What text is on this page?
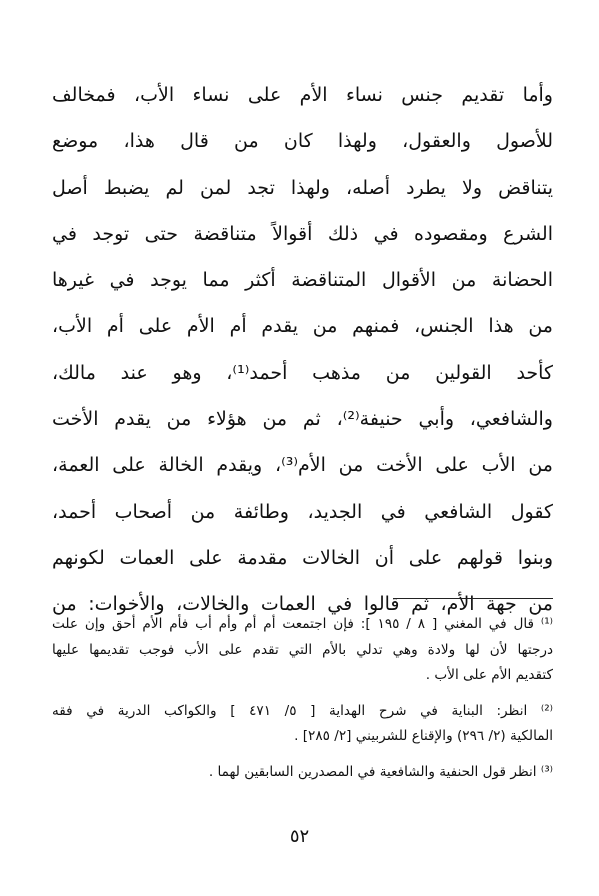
وأما تقديم جنس نساء الأم على نساء الأب، فمخالف
للأصول والعقول، ولهذا كان من قال هذا، موضع
يتناقض ولا يطرد أصله، ولهذا تجد لمن لم يضبط أصل
الشرع ومقصوده في ذلك أقوالاً متناقضة حتى توجد في
الحضانة من الأقوال المتناقضة أكثر مما يوجد في غيرها
من هذا الجنس، فمنهم من يقدم أم الأم على أم الأب،
كأحد القولين من مذهب أحمد⁽¹⁾، وهو عند مالك،
والشافعي، وأبي حنيفة⁽²⁾، ثم من هؤلاء من يقدم الأخت
من الأب على الأخت من الأم⁽³⁾، ويقدم الخالة على العمة،
كقول الشافعي في الجديد، وطائفة من أصحاب أحمد،
وبنوا قولهم على أن الخالات مقدمة على العمات لكونهم
من جهة الأم، ثم قالوا في العمات والخالات، والأخوات: من
⁽¹⁾ قال في المغني [ ٨ / ١٩٥ ]: فإن اجتمعت أم أم وأم أب فأم الأم أحق وإن علت
درجتها لأن لها ولادة وهي تدلي بالأم التي تقدم على الأب فوجب تقديمها عليها
كتقديم الأم على الأب .
⁽²⁾ انظر: البناية في شرح الهداية [ ٥/ ٤٧١ ] والكواكب الدرية في فقه
المالكية (٢/ ٢٩٦) والإقناع للشربيني [٢/ ٢٨٥] .
⁽³⁾ انظر قول الحنفية والشافعية في المصدرين السابقين لهما .
٥٢
